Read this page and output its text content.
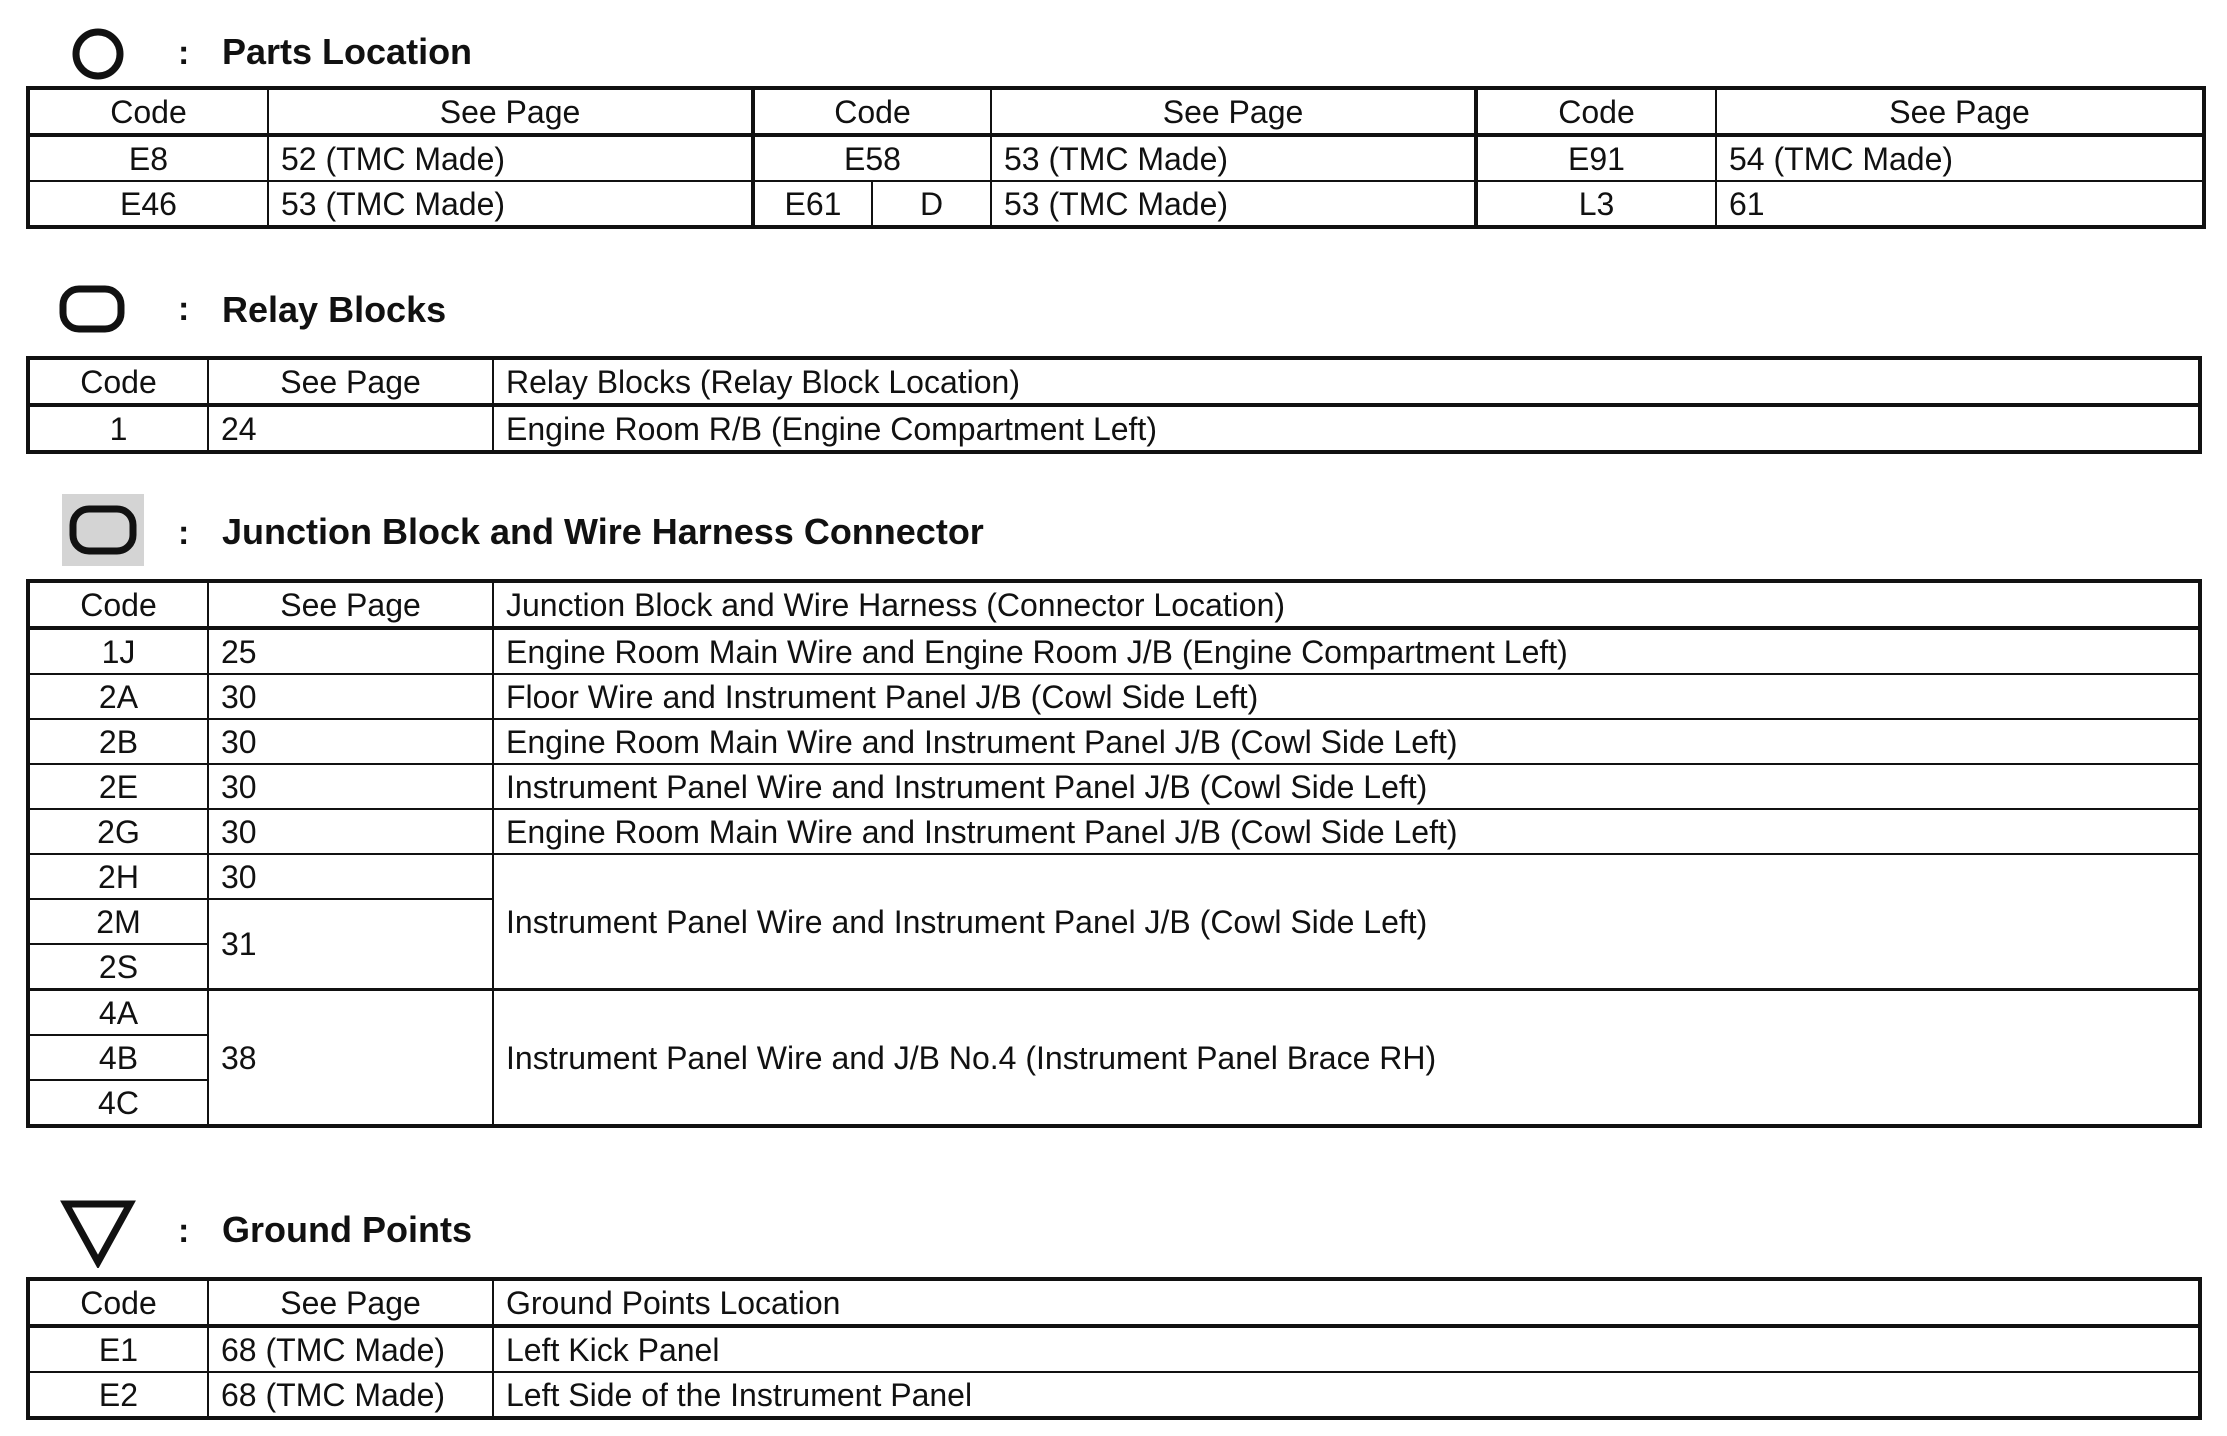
: Parts Location
Code	See Page	Code		See Page	Code	See Page
E8	52 (TMC Made)	E58		53 (TMC Made)	E91	54 (TMC Made)
E46	53 (TMC Made)	E61	D	53 (TMC Made)	L3	61
: Relay Blocks
Code	See Page	Relay Blocks (Relay Block Location)
1	24	Engine Room R/B (Engine Compartment Left)
: Junction Block and Wire Harness Connector
Code	See Page	Junction Block and Wire Harness (Connector Location)
1J	25	Engine Room Main Wire and Engine Room J/B (Engine Compartment Left)
2A	30	Floor Wire and Instrument Panel J/B (Cowl Side Left)
2B	30	Engine Room Main Wire and Instrument Panel J/B (Cowl Side Left)
2E	30	Instrument Panel Wire and Instrument Panel J/B (Cowl Side Left)
2G	30	Engine Room Main Wire and Instrument Panel J/B (Cowl Side Left)
2H	30	Instrument Panel Wire and Instrument Panel J/B (Cowl Side Left)
2M	31	
2S		
4A	38	Instrument Panel Wire and J/B No.4 (Instrument Panel Brace RH)
4B		
4C		
: Ground Points
Code	See Page	Ground Points Location
E1	68 (TMC Made)	Left Kick Panel
E2	68 (TMC Made)	Left Side of the Instrument Panel
